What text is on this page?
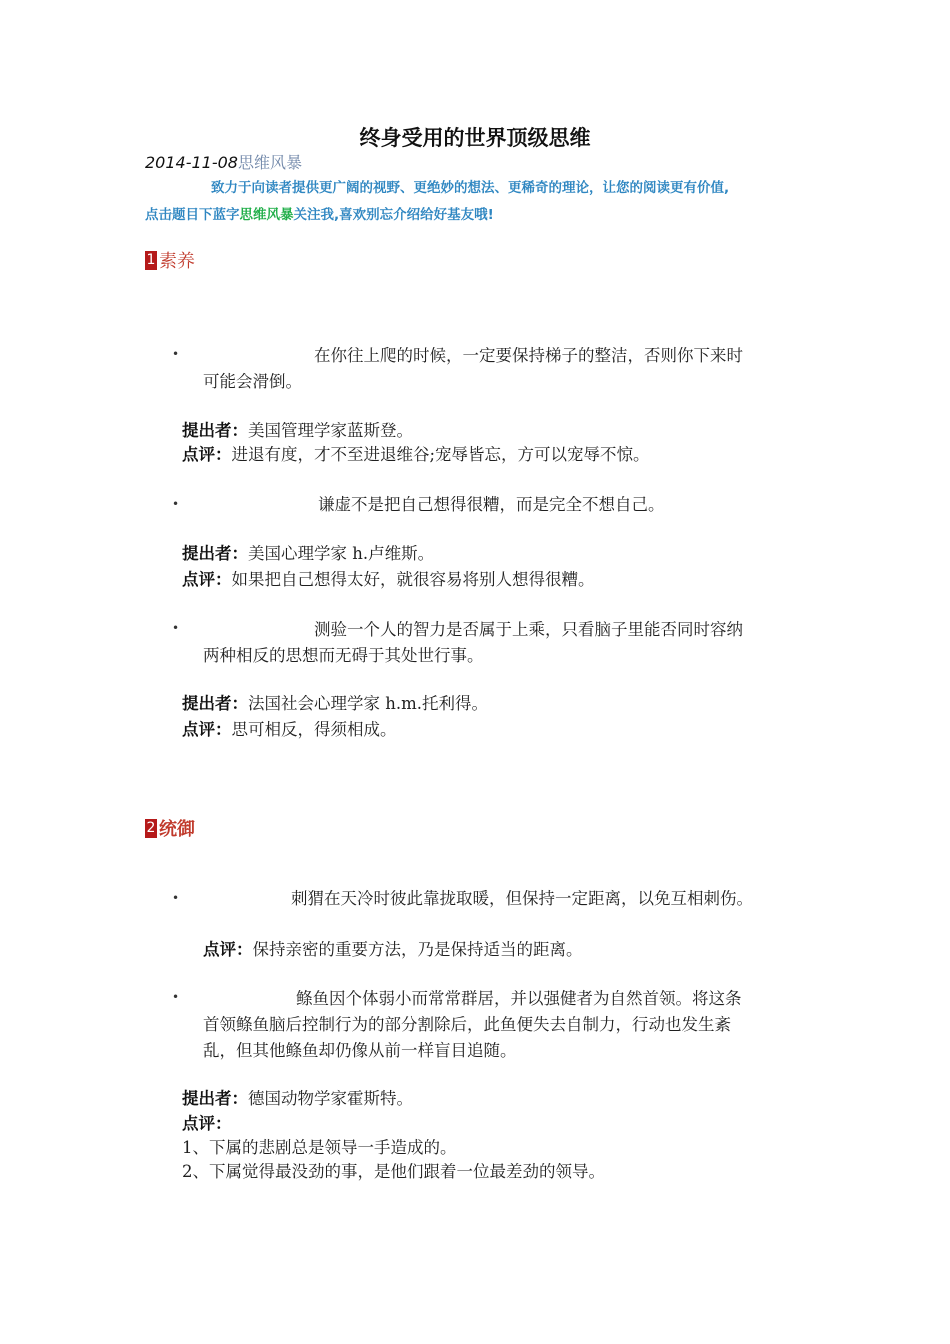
终身受用的世界顶级思维
2014-11-08思维风暴
致力于向读者提供更广阔的视野、更绝妙的想法、更稀奇的理论，让您的阅读更有价值,
点击题目下蓝字思维风暴关注我,喜欢别忘介绍给好基友哦!
1 素养
•	在你往上爬的时候，一定要保持梯子的整洁，否则你下来时
可能会滑倒。
提出者：美国管理学家蓝斯登。
点评：进退有度，才不至进退维谷;宠辱皆忘，方可以宠辱不惊。
•	谦虚不是把自己想得很糟，而是完全不想自己。
提出者：美国心理学家 h.卢维斯。
点评：如果把自己想得太好，就很容易将别人想得很糟。
•	测验一个人的智力是否属于上乘，只看脑子里能否同时容纳
两种相反的思想而无碍于其处世行事。
提出者：法国社会心理学家 h.m.托利得。
点评：思可相反，得须相成。
2 统御
•	刺猬在天冷时彼此靠拢取暖，但保持一定距离，以免互相刺伤。
点评：保持亲密的重要方法，乃是保持适当的距离。
•	鲦鱼因个体弱小而常常群居，并以强健者为自然首领。将这条
首领鲦鱼脑后控制行为的部分割除后，此鱼便失去自制力，行动也发生紊
乱，但其他鲦鱼却仍像从前一样盲目追随。
提出者：德国动物学家霍斯特。
点评：
1、下属的悲剧总是领导一手造成的。
2、下属觉得最没劲的事，是他们跟着一位最差劲的领导。
